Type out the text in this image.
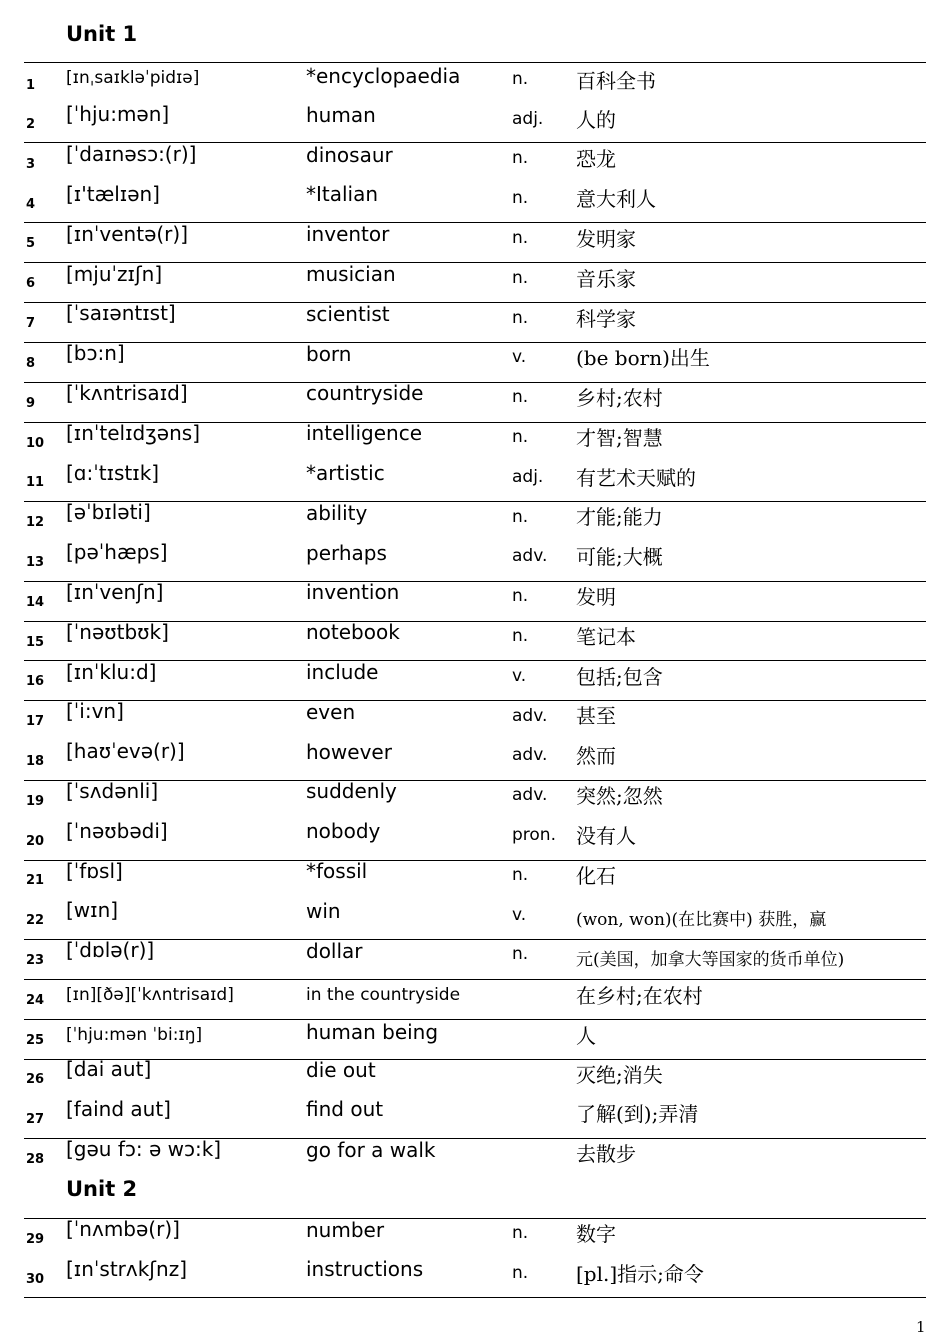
Unit 1
Unit 2
1 [ɪnˌsaɪkləˈpidɪə]	*encyclopaedia	n. 百科全书
2 [ˈhju:mən]	human	adj. 人的
3 [ˈdaɪnəsɔ:(r)]	dinosaur	n. 恐龙
4 [ɪ'tælɪən]	*Italian	n. 意大利人
5 [ɪnˈventə(r)]	inventor	n. 发明家
6 [mjuˈzɪʃn]	musician	n. 音乐家
7 [ˈsaɪəntɪst]	scientist	n. 科学家
8 [bɔ:n]	born	v. (be born)出生
9 [ˈkʌntrisaɪd]	countryside	n. 乡村;农村
10 [ɪnˈtelɪdʒəns]	intelligence	n. 才智;智慧
11 [ɑ:ˈtɪstɪk]	*artistic	adj. 有艺术天赋的
12 [əˈbɪləti]	ability	n. 才能;能力
13 [pəˈhæps]	perhaps	adv. 可能;大概
14 [ɪnˈvenʃn]	invention	n. 发明
15 [ˈnəʊtbʊk]	notebook	n. 笔记本
16 [ɪnˈklu:d]	include	v. 包括;包含
17 [ˈi:vn]	even	adv. 甚至
18 [haʊˈevə(r)]	however	adv. 然而
19 [ˈsʌdənli]	suddenly	adv. 突然;忽然
20 [ˈnəʊbədi]	nobody	pron. 没有人
21 [ˈfɒsl]	*fossil	n. 化石
22 [wɪn]	win	v.	(won, won)(在比赛中) 获胜，赢
23 [ˈdɒlə(r)]	dollar	n.	元(美国，加拿大等国家的货币单位)
24 [ɪn][ðə][ˈkʌntrisaɪd]	in the countryside	在乡村;在农村
25 [ˈhju:mən ˈbi:ɪŋ]	human being	人
26 [dai aut]	die out	灭绝;消失
27 [faind aut]	find out	了解(到);弄清
28 [gəu fɔ: ə wɔ:k]	go for a walk	去散步
29 [ˈnʌmbə(r)]	number	n. 数字
30 [ɪnˈstrʌkʃnz]	instructions	n. [pl.]指示;命令
1
